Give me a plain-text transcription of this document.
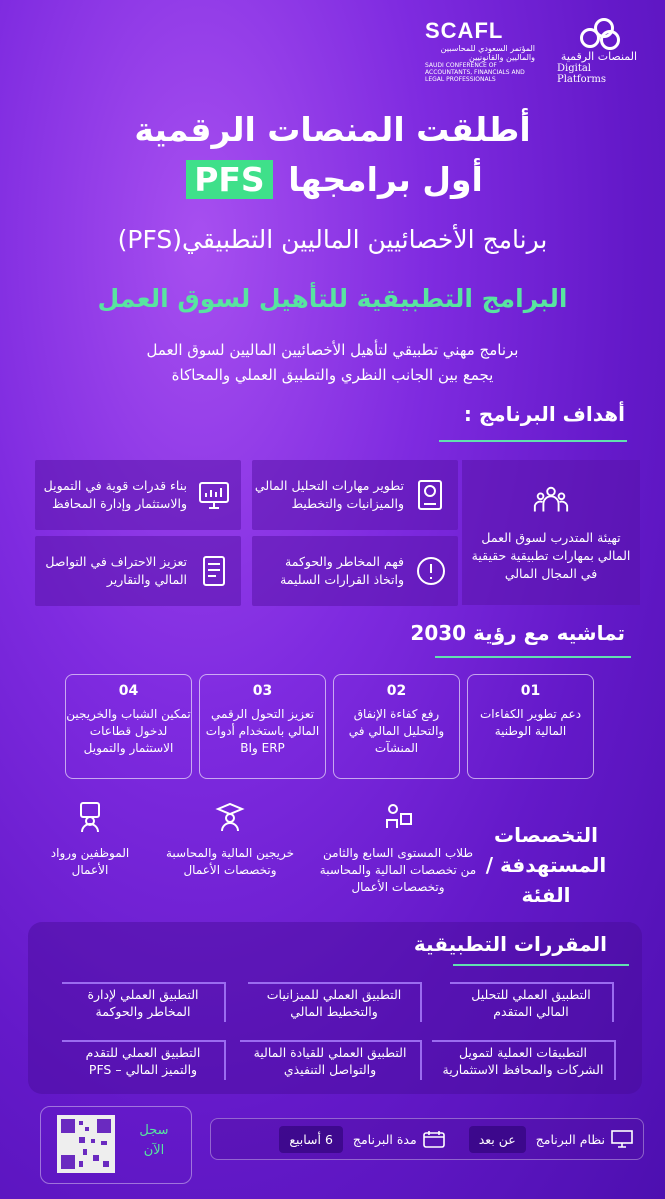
SCAFL
المؤتمر السعودي للمحاسبين والماليين والقانونيين
SAUDI CONFERENCE OF ACCOUNTANTS, FINANCIALS AND LEGAL PROFESSIONALS
المنصات الرقمية
Digital Platforms
أطلقت المنصات الرقمية
أول برامجها PFS
برنامج الأخصائيين الماليين التطبيقي(PFS)
البرامج التطبيقية للتأهيل لسوق العمل
برنامج مهني تطبيقي لتأهيل الأخصائيين الماليين لسوق العمل
يجمع بين الجانب النظري والتطبيق العملي والمحاكاة
أهداف البرنامج :
تهيئة المتدرب لسوق العمل المالي بمهارات تطبيقية حقيقية في المجال المالي
تطوير مهارات التحليل المالي والميزانيات والتخطيط
بناء قدرات قوية في التمويل والاستثمار وإدارة المحافظ
فهم المخاطر والحوكمة واتخاذ القرارات السليمة
تعزيز الاحتراف في التواصل المالي والتقارير
تماشيه مع رؤية 2030
01
دعم تطوير الكفاءات المالية الوطنية
02
رفع كفاءة الإنفاق والتحليل المالي في المنشآت
03
تعزيز التحول الرقمي المالي باستخدام أدوات ERP وBI
04
تمكين الشباب والخريجين لدخول قطاعات الاستثمار والتمويل
التخصصات المستهدفة / الفئة
طلاب المستوى السابع والثامن من تخصصات المالية والمحاسبة وتخصصات الأعمال
خريجين المالية والمحاسبة وتخصصات الأعمال
الموظفين ورواد الأعمال
المقررات التطبيقية
التطبيق العملي للتحليل المالي المتقدم
التطبيق العملي للميزانيات والتخطيط المالي
التطبيق العملي لإدارة المخاطر والحوكمة
التطبيقات العملية لتمويل الشركات والمحافظ الاستثمارية
التطبيق العملي للقيادة المالية والتواصل التنفيذي
التطبيق العملي للتقدم والتميز المالي – PFS
نظام البرنامج
عن بعد
مدة البرنامج
6 أسابيع
سجل الآن
